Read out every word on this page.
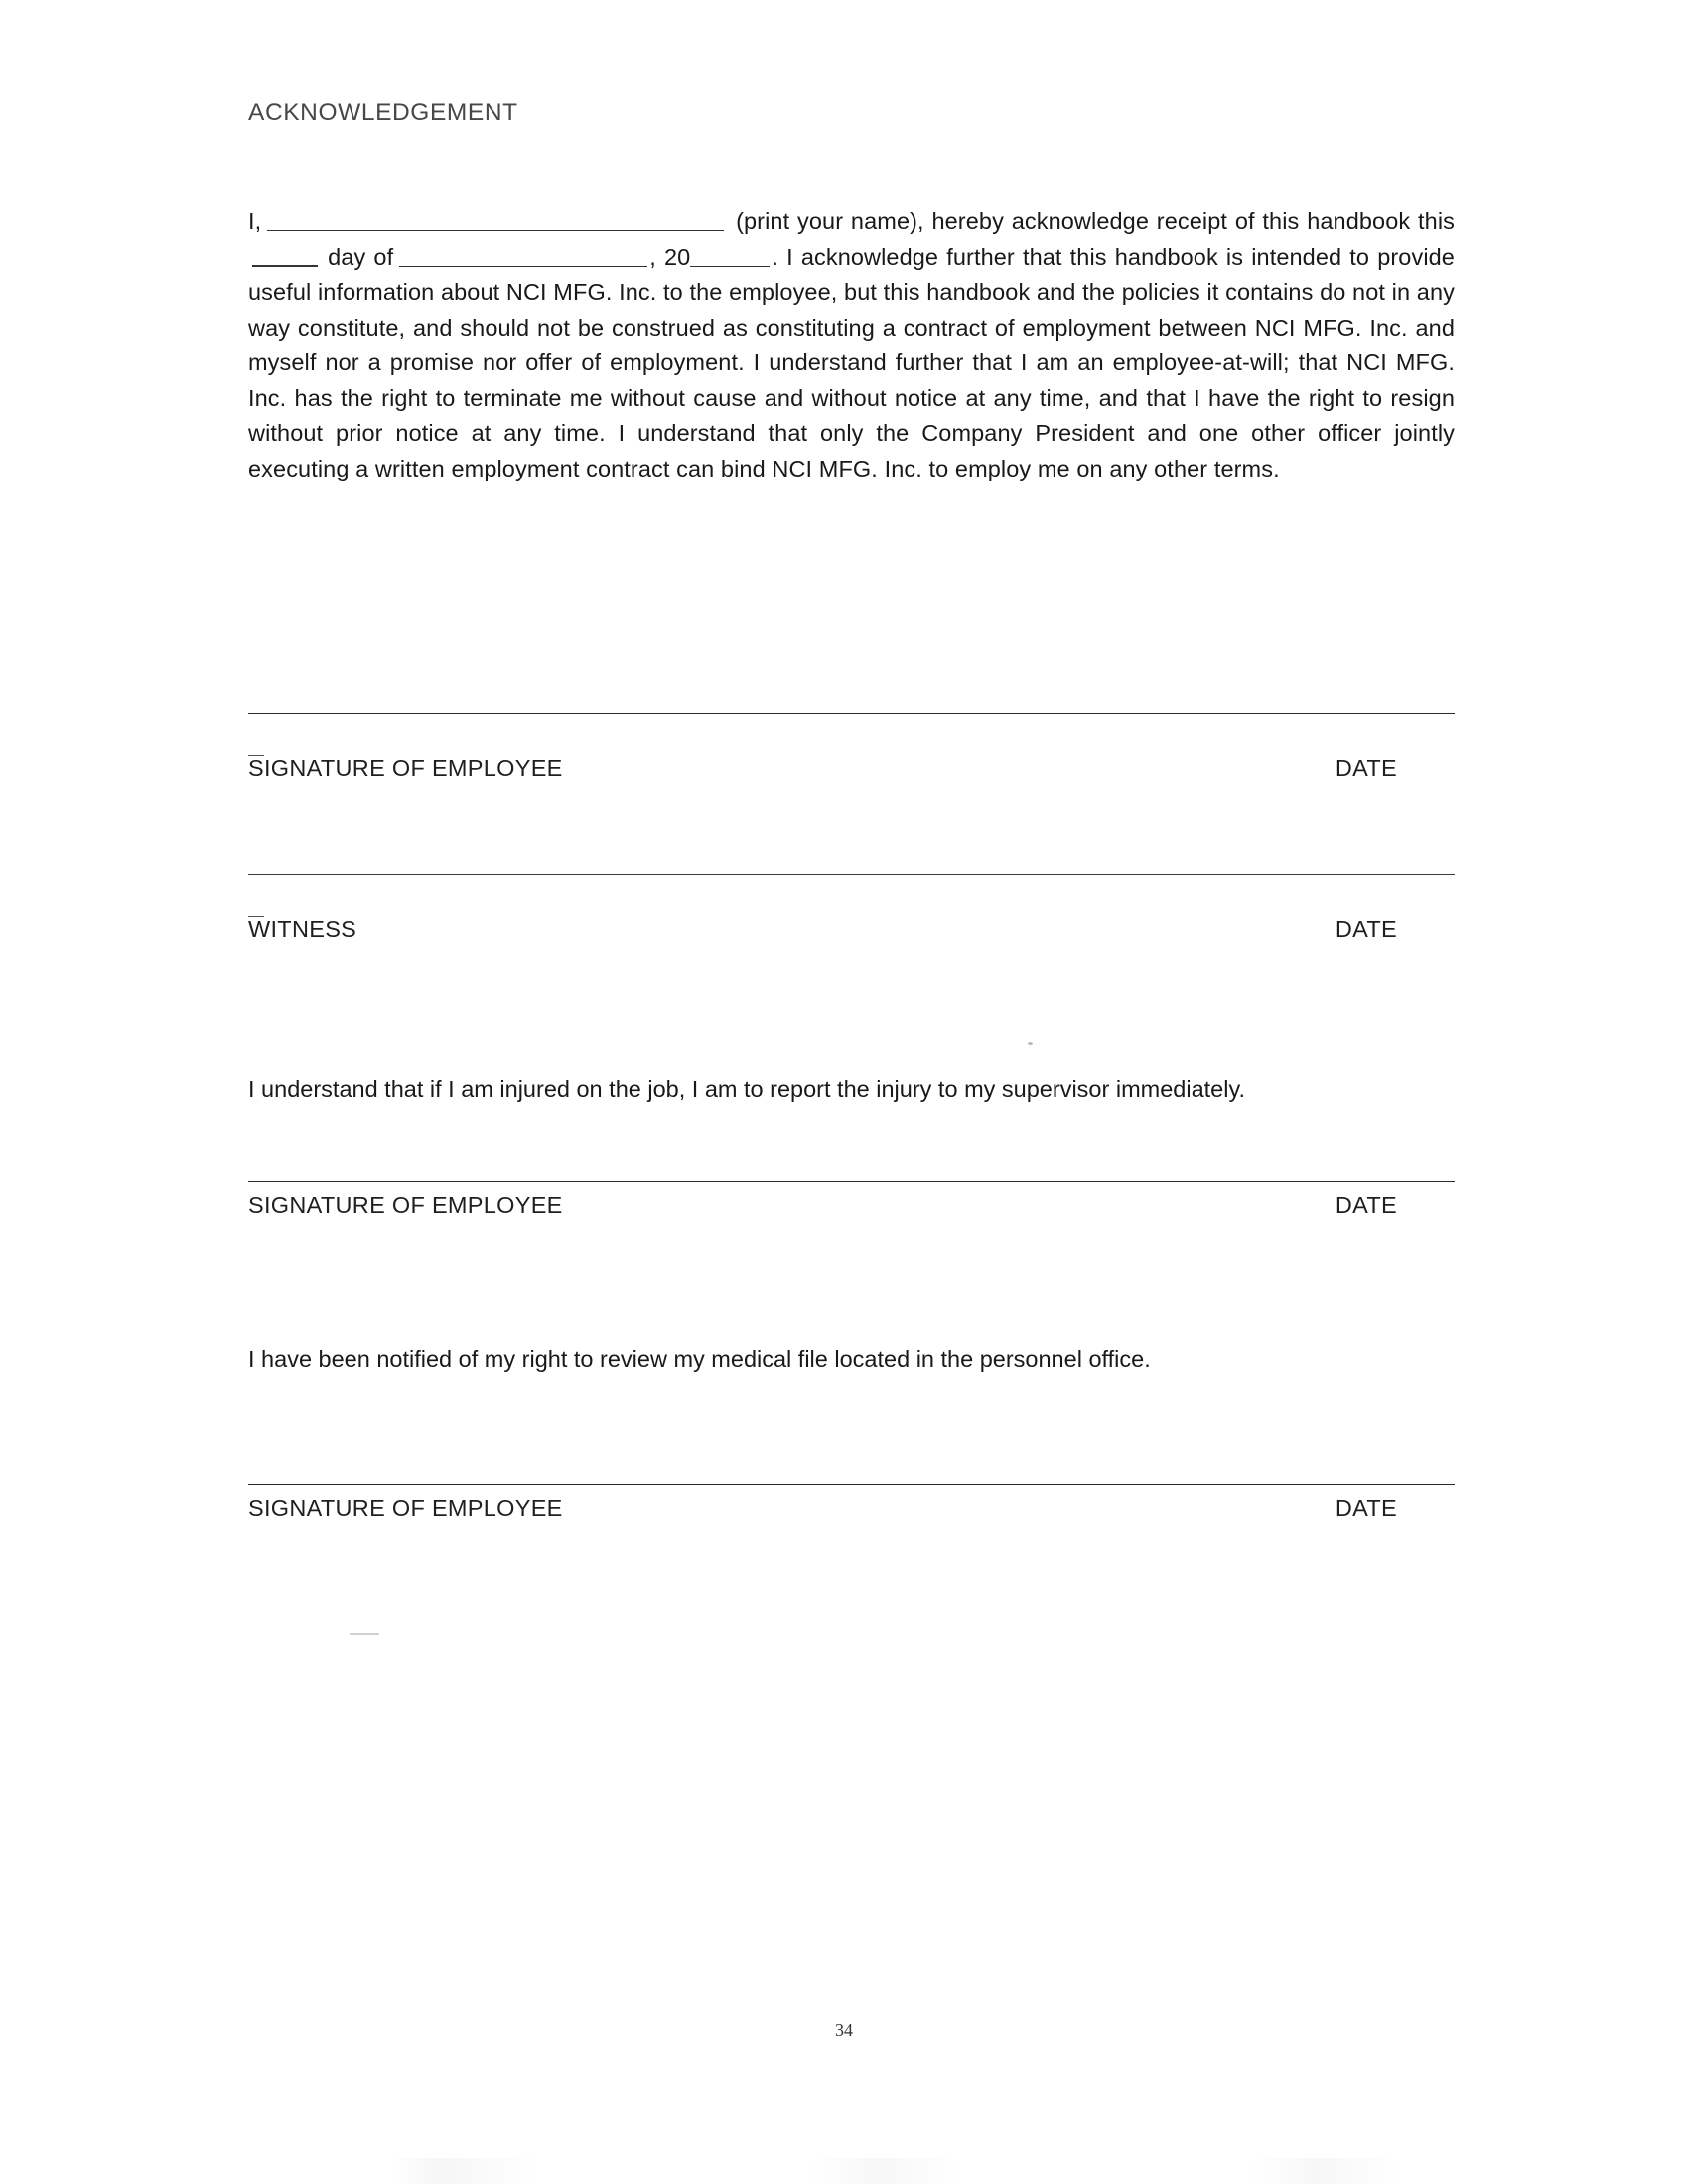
ACKNOWLEDGEMENT

I,	(print your name), hereby acknowledge receipt of this handbook this day of	, 20	. I acknowledge further that this handbook is intended to provide useful information about NCI MFG. Inc. to the employee, but this handbook and the policies it contains do not in any way constitute, and should not be construed as constituting a contract of employment between NCI MFG. Inc. and myself nor a promise nor offer of employment. I understand further that I am an employee-at-will; that NCI MFG. Inc. has the right to terminate me without cause and without notice at any time, and that I have the right to resign without prior notice at any time. I understand that only the Company President and one other officer jointly executing a written employment contract can bind NCI MFG. Inc. to employ me on any other terms.

SIGNATURE OF EMPLOYEE	DATE
WITNESS	DATE
I understand that if I am injured on the job, I am to report the injury to my supervisor immediately.
SIGNATURE OF EMPLOYEE	DATE
I have been notified of my right to review my medical file located in the personnel office.
SIGNATURE OF EMPLOYEE	DATE
34
